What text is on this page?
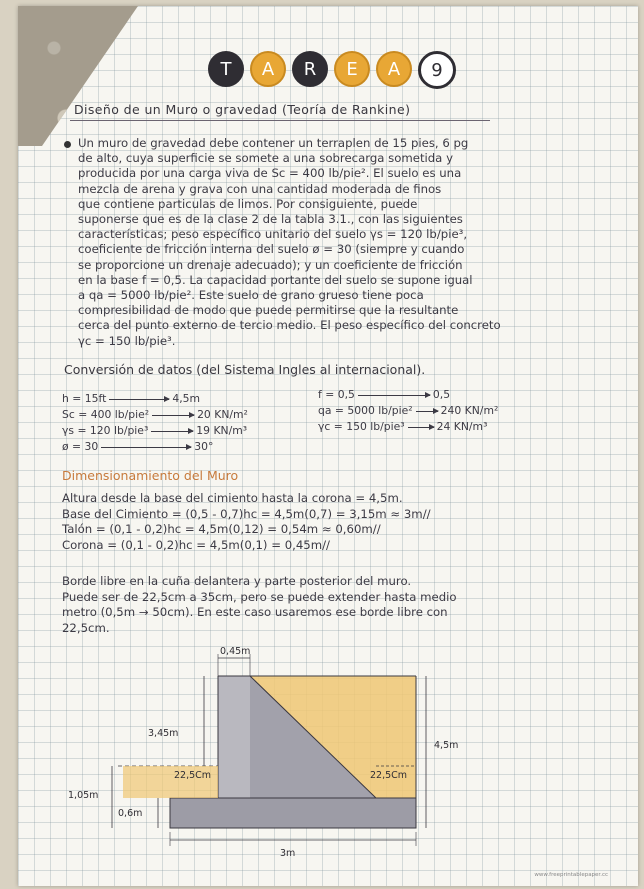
T	A	R	E	A	9
Diseño de un Muro o gravedad (Teoría de Rankine)
Un muro de gravedad debe contener un terraplen de 15 pies, 6 pg
de alto, cuya superficie se somete a una sobrecarga sometida y
producida por una carga viva de Sc = 400 lb/pie². El suelo es una
mezcla de arena y grava con una cantidad moderada de finos
que contiene particulas de limos. Por consiguiente, puede
suponerse que es de la clase 2 de la tabla 3.1., con las siguientes
características; peso específico unitario del suelo γs = 120 lb/pie³,
coeficiente de fricción interna del suelo ø = 30 (siempre y cuando
se proporcione un drenaje adecuado); y un coeficiente de fricción
en la base f = 0,5. La capacidad portante del suelo se supone igual
a qa = 5000 lb/pie². Este suelo de grano grueso tiene poca
compresibilidad de modo que puede permitirse que la resultante
cerca del punto externo de tercio medio. El peso específico del concreto
γc = 150 lb/pie³.
Conversión de datos (del Sistema Ingles al internacional).
h = 15ft	4,5m
Sc = 400 lb/pie²	20 KN/m²
γs = 120 lb/pie³	19 KN/m³
ø = 30	30°
f = 0,5	0,5
qa = 5000 lb/pie²	240 KN/m²
γc = 150 lb/pie³	24 KN/m³
Dimensionamiento del Muro
Altura desde la base del cimiento hasta la corona = 4,5m.
Base del Cimiento = (0,5 - 0,7)hc = 4,5m(0,7) = 3,15m ≈ 3m//
Talón = (0,1 - 0,2)hc = 4,5m(0,12) = 0,54m ≈ 0,60m//
Corona = (0,1 - 0,2)hc = 4,5m(0,1) = 0,45m//
Borde libre en la cuña delantera y parte posterior del muro.
Puede ser de 22,5cm a 35cm, pero se puede extender hasta medio
metro (0,5m → 50cm). En este caso usaremos ese borde libre con
22,5cm.
0,45m
3,45m
4,5m
22,5Cm	22,5Cm
1,05m
0,6m
3m
www.freeprintablepaper.cc
